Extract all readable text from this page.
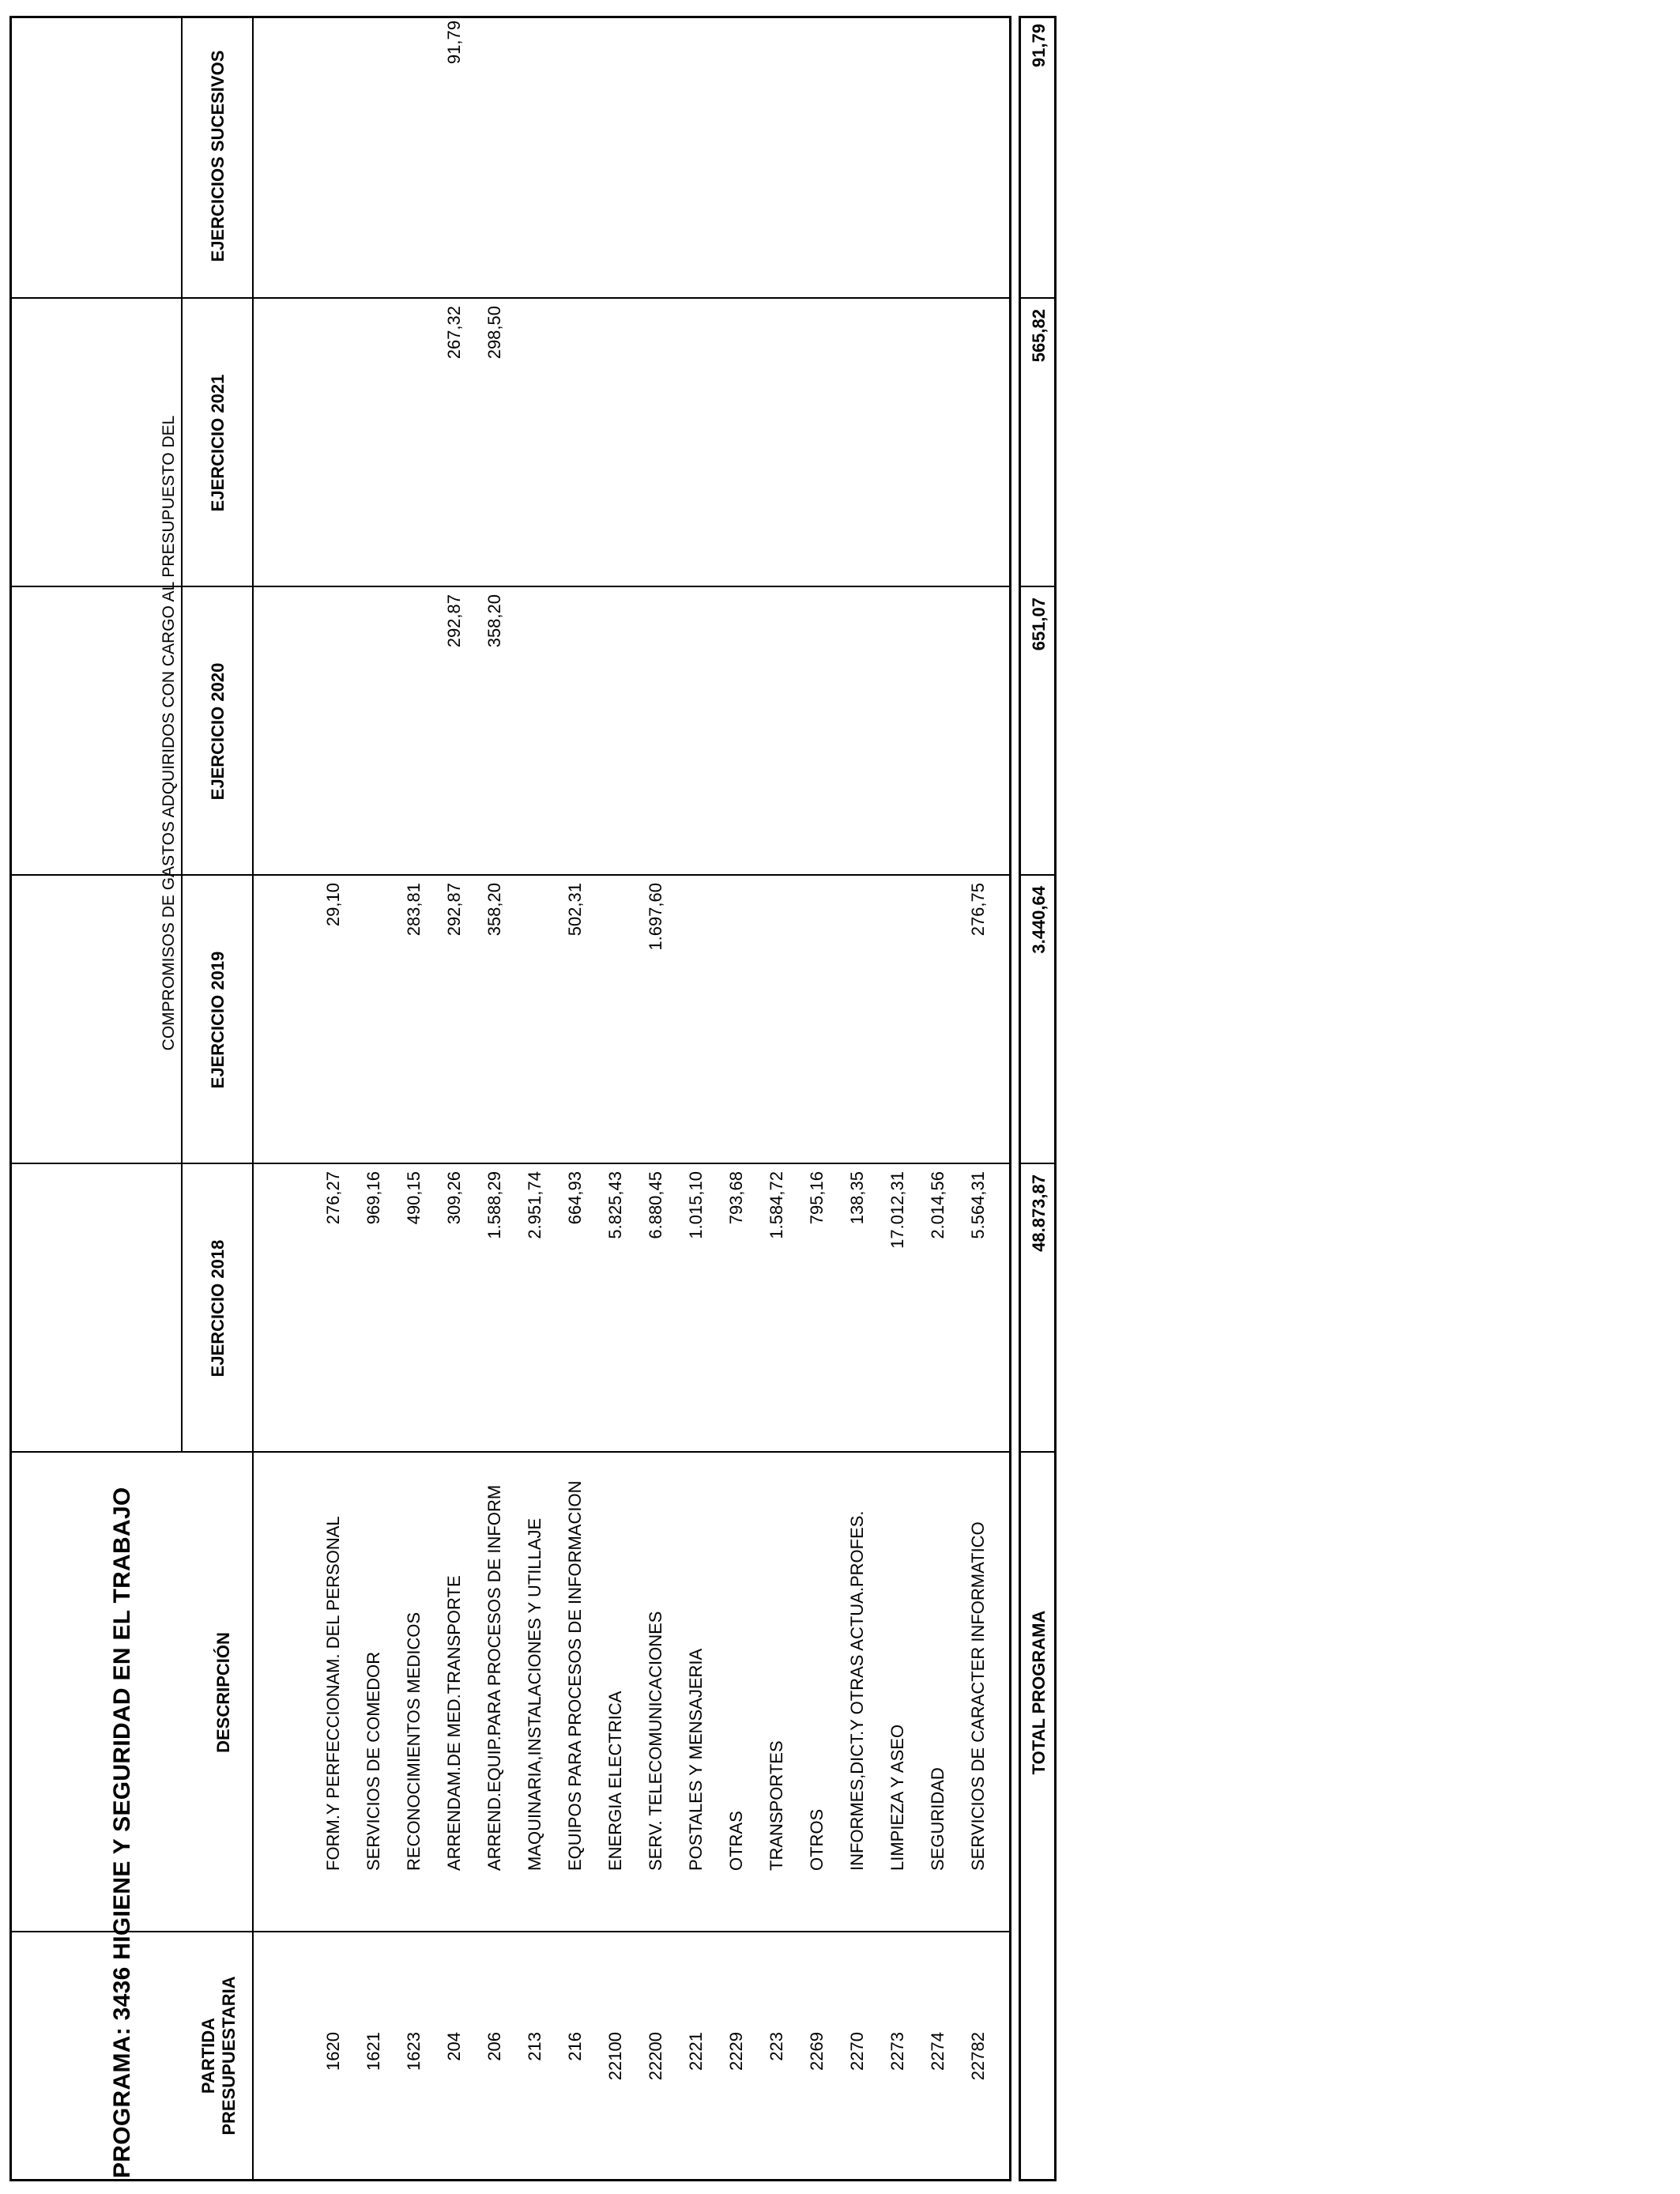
PROGRAMA: 3436 HIGIENE Y SEGURIDAD EN EL TRABAJO	PARTIDA
PRESUPUESTARIA
DESCRIPCIÓN
COMPROMISOS DE GASTOS ADQUIRIDOS CON CARGO AL PRESUPUESTO DEL
EJERCICIO 2018
EJERCICIO 2019
EJERCICIO 2020
EJERCICIO 2021
EJERCICIOS SUCESIVOS
1620
FORM.Y PERFECCIONAM. DEL PERSONAL
276,27
29,10
1621
SERVICIOS DE COMEDOR
969,16
1623
RECONOCIMIENTOS MEDICOS
490,15
283,81
204
ARRENDAM.DE MED.TRANSPORTE
309,26
292,87
292,87
267,32
91,79
206
ARREND.EQUIP.PARA PROCESOS DE INFORM
1.588,29
358,20
358,20
298,50
213
MAQUINARIA,INSTALACIONES Y UTILLAJE
2.951,74
216
EQUIPOS PARA PROCESOS DE INFORMACION
664,93
502,31
22100
ENERGIA ELECTRICA
5.825,43
22200
SERV. TELECOMUNICACIONES
6.880,45
1.697,60
2221
POSTALES Y MENSAJERIA
1.015,10
2229
OTRAS
793,68
223
TRANSPORTES
1.584,72
2269
OTROS
795,16
2270
INFORMES,DICT.Y OTRAS ACTUA.PROFES.
138,35
2273
LIMPIEZA Y ASEO
17.012,31
2274
SEGURIDAD
2.014,56
22782
SERVICIOS DE CARACTER INFORMATICO
5.564,31
276,75
TOTAL PROGRAMA
48.873,87
3.440,64
651,07
565,82
91,79
